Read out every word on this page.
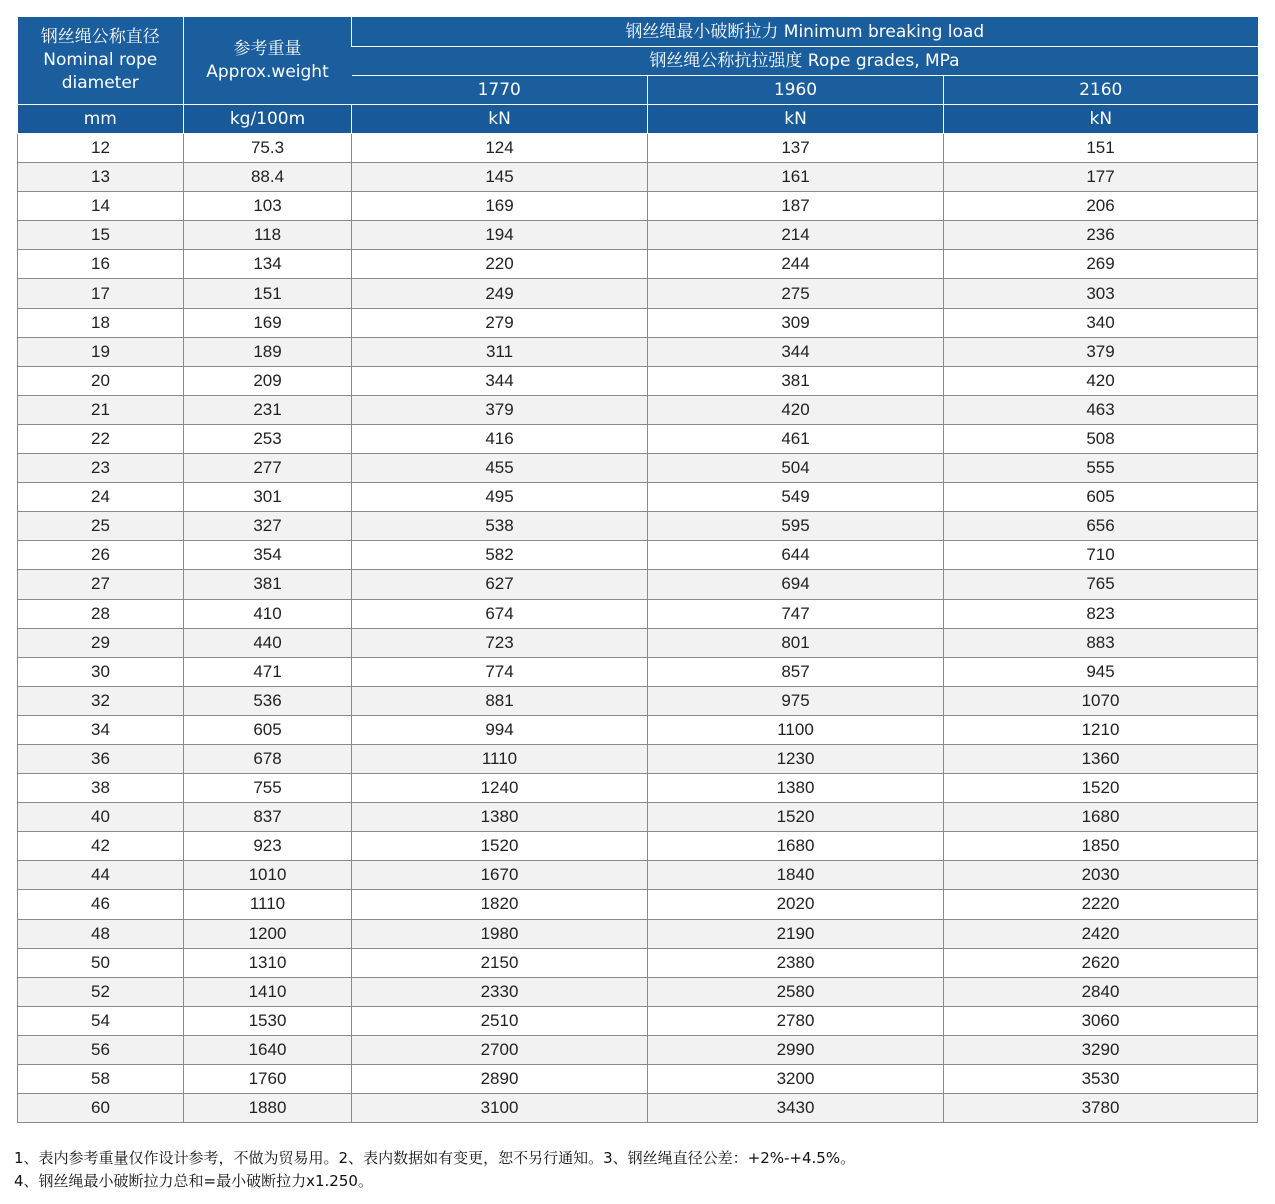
钢丝绳公称直径
Nominal rope
diameter	参考重量
Approx.weight	钢丝绳最小破断拉力 Minimum breaking load		
		钢丝绳公称抗拉强度 Rope grades, MPa		
		1770	1960	2160
mm	kg/100m	kN	kN	kN
12	75.3	124	137	151
13	88.4	145	161	177
14	103	169	187	206
15	118	194	214	236
16	134	220	244	269
17	151	249	275	303
18	169	279	309	340
19	189	311	344	379
20	209	344	381	420
21	231	379	420	463
22	253	416	461	508
23	277	455	504	555
24	301	495	549	605
25	327	538	595	656
26	354	582	644	710
27	381	627	694	765
28	410	674	747	823
29	440	723	801	883
30	471	774	857	945
32	536	881	975	1070
34	605	994	1100	1210
36	678	1110	1230	1360
38	755	1240	1380	1520
40	837	1380	1520	1680
42	923	1520	1680	1850
44	1010	1670	1840	2030
46	1110	1820	2020	2220
48	1200	1980	2190	2420
50	1310	2150	2380	2620
52	1410	2330	2580	2840
54	1530	2510	2780	3060
56	1640	2700	2990	3290
58	1760	2890	3200	3530
60	1880	3100	3430	3780
1、表内参考重量仅作设计参考，不做为贸易用。2、表内数据如有变更，恕不另行通知。3、钢丝绳直径公差：+2%-+4.5%。
4、钢丝绳最小破断拉力总和=最小破断拉力x1.250。
